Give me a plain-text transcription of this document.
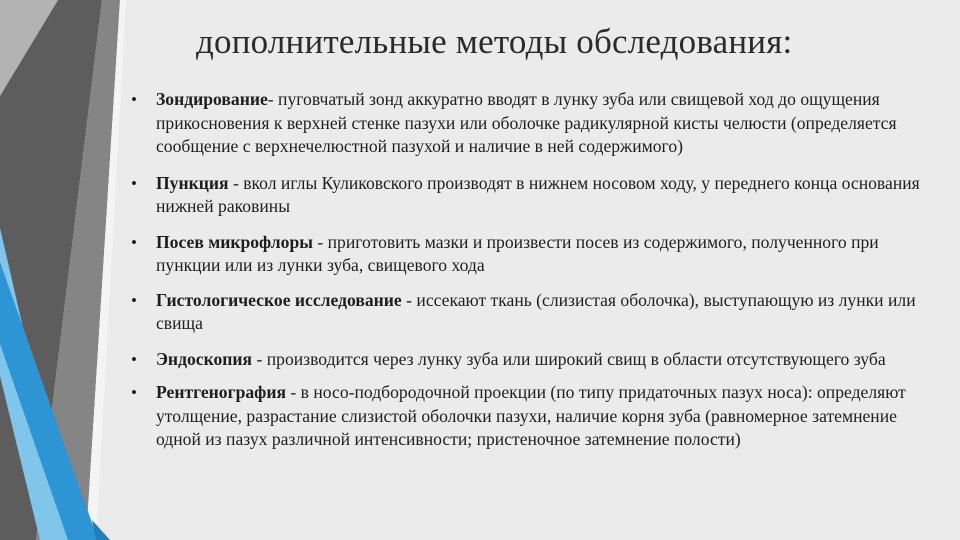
дополнительные методы обследования:
• Зондирование- пуговчатый зонд аккуратно вводят в лунку зуба или свищевой ход до ощущения прикосновения к верхней стенке пазухи или оболочке радикулярной кисты челюсти (определяется сообщение с верхнечелюстной пазухой и наличие в ней содержимого)
• Пункция - вкол иглы Куликовского производят в нижнем носовом ходу, у переднего конца основания нижней раковины
• Посев микрофлоры - приготовить мазки и произвести посев из содержимого, полученного при пункции или из лунки зуба, свищевого хода
• Гистологическое исследование - иссекают ткань (слизистая оболочка), выступающую из лунки или свища
• Эндоскопия - производится через лунку зуба или широкий свищ в области отсутствующего зуба
• Рентгенография - в носо-подбородочной проекции (по типу придаточных пазух носа): определяют утолщение, разрастание слизистой оболочки пазухи, наличие корня зуба (равномерное затемнение одной из пазух различной интенсивности; пристеночное затемнение полости)
